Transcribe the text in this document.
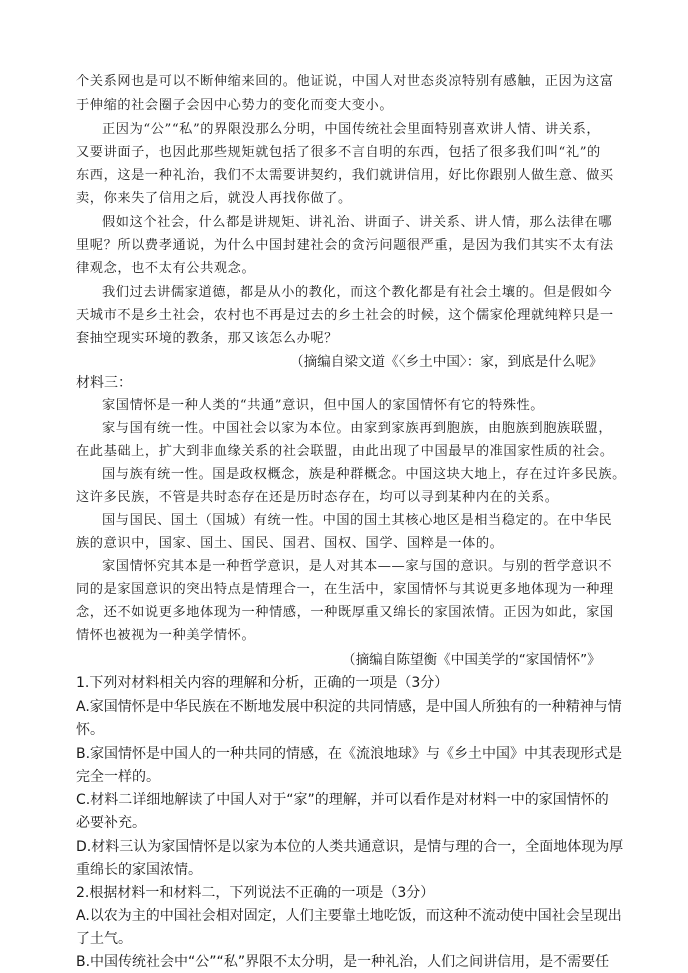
个关系网也是可以不断伸缩来回的。他证说，中国人对世态炎凉特别有感触，正因为这富
于伸缩的社会圈子会因中心势力的变化而变大变小。
正因为“公”“私”的界限没那么分明，中国传统社会里面特别喜欢讲人情、讲关系，
又要讲面子，也因此那些规矩就包括了很多不言自明的东西，包括了很多我们叫“礼”的
东西，这是一种礼治，我们不太需要讲契约，我们就讲信用，好比你跟别人做生意、做买
卖，你来失了信用之后，就没人再找你做了。
假如这个社会，什么都是讲规矩、讲礼治、讲面子、讲关系、讲人情，那么法律在哪
里呢？所以费孝通说，为什么中国封建社会的贪污问题很严重，是因为我们其实不太有法
律观念，也不太有公共观念。
我们过去讲儒家道德，都是从小的教化，而这个教化都是有社会土壤的。但是假如今
天城市不是乡土社会，农村也不再是过去的乡土社会的时候，这个儒家伦理就纯粹只是一
套抽空现实环境的教条，那又该怎么办呢？
（摘编自梁文道《〈乡土中国〉：家，到底是什么呢》
材料三：
家国情怀是一种人类的“共通”意识，但中国人的家国情怀有它的特殊性。
家与国有统一性。中国社会以家为本位。由家到家族再到胞族，由胞族到胞族联盟，
在此基础上，扩大到非血缘关系的社会联盟，由此出现了中国最早的准国家性质的社会。
国与族有统一性。国是政权概念，族是种群概念。中国这块大地上，存在过许多民族。
这许多民族，不管是共时态存在还是历时态存在，均可以寻到某种内在的关系。
国与国民、国土（国城）有统一性。中国的国土其核心地区是相当稳定的。在中华民
族的意识中，国家、国土、国民、国君、国权、国学、国粹是一体的。
家国情怀究其本是一种哲学意识，是人对其本——家与国的意识。与别的哲学意识不
同的是家国意识的突出特点是情理合一，在生活中，家国情怀与其说更多地体现为一种理
念，还不如说更多地体现为一种情感，一种既厚重又绵长的家国浓情。正因为如此，家国
情怀也被视为一种美学情怀。
（摘编自陈望衡《中国美学的“家国情怀”》
1.下列对材料相关内容的理解和分析，正确的一项是（3分）
A.家国情怀是中华民族在不断地发展中积淀的共同情感，是中国人所独有的一种精神与情
怀。
B.家国情怀是中国人的一种共同的情感，在《流浪地球》与《乡土中国》中其表现形式是
完全一样的。
C.材料二详细地解读了中国人对于“家”的理解，并可以看作是对材料一中的家国情怀的
必要补充。
D.材料三认为家国情怀是以家为本位的人类共通意识，是情与理的合一，全面地体现为厚
重绵长的家国浓情。
2.根据材料一和材料二，下列说法不正确的一项是（3分）
A.以农为主的中国社会相对固定，人们主要靠土地吃饭，而这种不流动使中国社会呈现出
了土气。
B.中国传统社会中“公”“私”界限不太分明，是一种礼治，人们之间讲信用，是不需要任
